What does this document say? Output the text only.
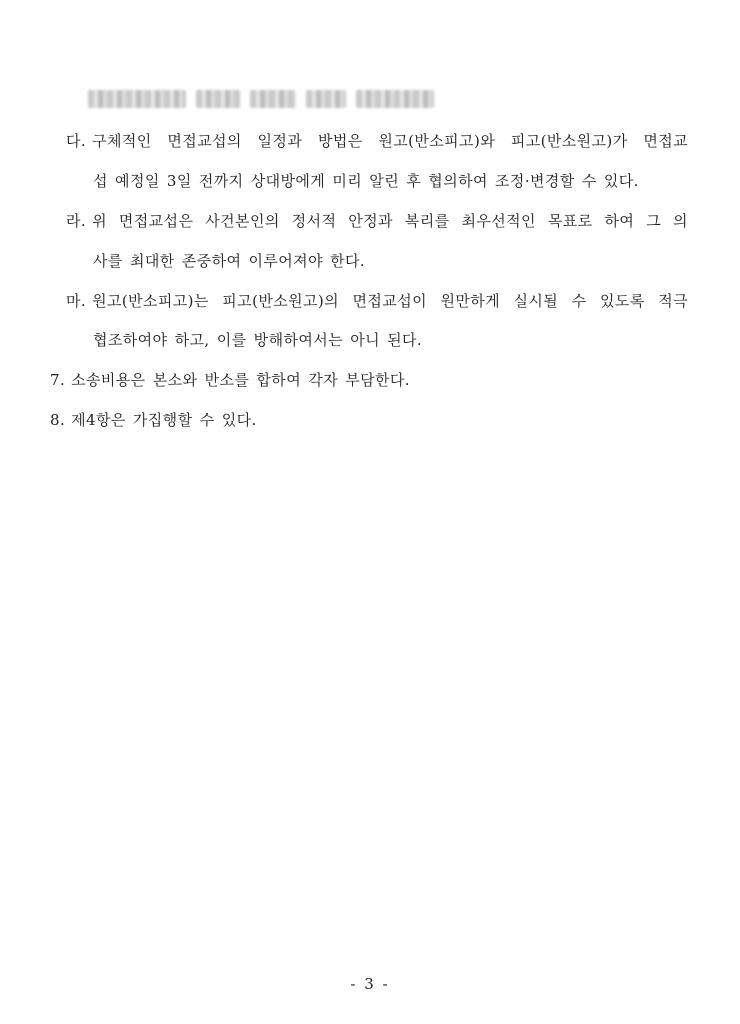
다. 구체적인 면접교섭의 일정과 방법은 원고(반소피고)와 피고(반소원고)가 면접교
섭 예정일 3일 전까지 상대방에게 미리 알린 후 협의하여 조정·변경할 수 있다.
라. 위 면접교섭은 사건본인의 정서적 안정과 복리를 최우선적인 목표로 하여 그 의
사를 최대한 존중하여 이루어져야 한다.
마. 원고(반소피고)는 피고(반소원고)의 면접교섭이 원만하게 실시될 수 있도록 적극
협조하여야 하고, 이를 방해하여서는 아니 된다.
7. 소송비용은 본소와 반소를 합하여 각자 부담한다.
8. 제4항은 가집행할 수 있다.
- 3 -
